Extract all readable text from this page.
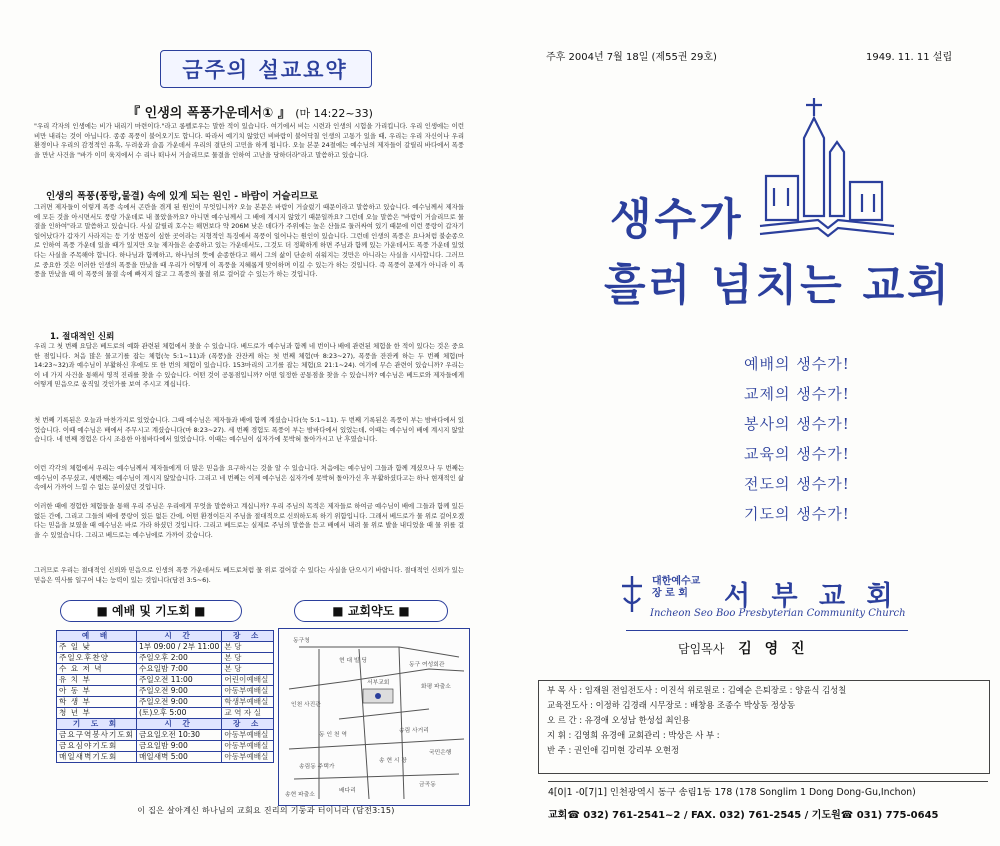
금주의 설교요약
『 인생의 폭풍가운데서① 』 (마 14:22~33)
"우리 각자의 인생에는 비가 내리기 마련이다."라고 롱펠로우는 말한 적이 있습니다. 여기에서 비는 시련과 인생의 시험을 가리킵니다. 우리 인생에는 이런 비만 내리는 것이 아닙니다. 종종 폭풍이 불어오기도 합니다. 따라서 예기치 않았던 비바람이 불어닥칠 인생의 고통가 있을 때, 우리는 우리 자신이나 우리 환경이나 우리의 감정적인 유혹, 두려움과 슬픔 가운데서 우리의 결단의 고민을 하게 됩니다. 오늘 본문 24절에는 예수님의 제자들이 갈릴리 바다에서 폭풍을 만난 사건을 "바가 이미 육지에서 수 리나 떠나서 거슬리므로 물결을 인하여 고난을 당하더라"라고 말씀하고 있습니다.
인생의 폭풍(풍랑,물결) 속에 있게 되는 원인 - 바람이 거슬리므로
그러면 제자들이 이렇게 폭풍 속에서 곤란을 겪게 된 원인이 무엇입니까? 오늘 본문은 바람이 거슬렀기 때문이라고 말씀하고 있습니다. 예수님께서 제자들에 모든 것을 아시면서도 풍랑 가운데로 내 몰았을까요? 아니면 예수님께서 그 배에 계시지 않았기 때문일까요? 그런데 오늘 말씀은 "바람이 거슬리므로 물결을 인하여"라고 말씀하고 있습니다. 사실 갈릴리 호수는 해면보다 약 206M 낮은 데다가 주위에는 높은 산들로 둘러싸여 있기 때문에 이런 풍랑이 갑자기 일어났다가 갑자기 사라지는 등 기상 변동이 심한 곳이라는 지형적인 특징에서 폭풍이 일어나는 원인이 있습니다. 그런데 인생의 폭풍은 요나처럼 불순종으로 인하여 폭풍 가운데 있을 때가 있지만 오늘 제자들은 순종하고 있는 가운데서도, 그것도 더 정확하게 하면 주님과 함께 있는 가운데서도 폭풍 가운데 있었다는 사실을 주목해야 합니다. 하나님과 함께하고, 하나님의 뜻에 순종한다고 해서 그의 삶이 단순히 쉬워지는 것만은 아니라는 사실을 시사합니다. 그러므로 중요한 것은 이러한 인생의 폭풍을 만났을 때 우리가 어떻게 이 폭풍을 지혜롭게 맞이하며 이길 수 있는가 하는 것입니다. 즉 폭풍이 문제가 아니라 이 폭풍을 만났을 때 이 폭풍의 물결 속에 빠지지 않고 그 폭풍의 물결 위로 걸어갈 수 있는가 하는 것입니다.
1. 절대적인 신뢰
우리 그 첫 번째 요답은 베드로의 예화 관련된 체험에서 찾을 수 있습니다. 베드로가 예수님과 함께 네 번이나 배에 관련된 체험을 한 적이 있다는 것은 중요한 점입니다. 처음 많은 물고기를 잡는 체험(눅 5:1~11)과 (폭풍)을 잔잔케 하는 첫 번째 체험(마 8:23~27), 폭풍을 잔잔케 하는 두 번째 체험(마 14:23~32)과 예수님이 부활하신 후에도 또 한 번의 체험이 있습니다. 153마리의 고기를 잡는 체험(요 21:1~24). 여기에 무슨 관련이 있습니까? 우리는 이 네 가지 사건을 통해서 영적 진리를 찾을 수 있습니다. 어떤 것이 공통점입니까? 어떤 일정한 공통점을 찾을 수 있습니까? 예수님은 베드로와 제자들에게 어떻게 믿음으로 움직일 것인가를 보여 주시고 계십니다.
첫 번째 기록된은 오늘과 마찬가지로 있었습니다. 그때 예수님은 제자들과 배에 함께 계셨습니다(눅 5:1~11). 두 번째 기록된은 폭풍이 부는 밤바다에서 있었습니다. 이때 예수님은 배에서 주무시고 계셨습니다(마 8:23~27). 세 번째 경험도 폭풍이 부는 밤바다에서 있었는데, 이때는 예수님이 배에 계시지 않았습니다. 네 번째 경험은 다시 조용한 아침바다에서 있었습니다. 이때는 예수님이 십자가에 못박혀 돌아가시고 난 후였습니다.
이런 각각의 체험에서 우리는 예수님께서 제자들에게 더 많은 믿음을 요구하시는 것을 알 수 있습니다. 처음에는 예수님이 그들과 함께 계셨으나 두 번째는 예수님이 주무셨고, 세번째는 예수님이 계시지 않았습니다. 그리고 네 번째는 이제 예수님은 십자가에 못박혀 돌아가신 후 부활하셨다고는 하나 현재적인 삶 속에서 가까이 느낄 수 없는 분이셨던 것입니다.
이러한 때에 경험한 체험들을 통해 우리 주님은 우리에게 무엇을 말씀하고 계십니까? 우리 주님의 목적은 제자들로 하여금 예수님이 배에 그들과 함께 있든 없든 간에, 그리고 그들의 배에 풍랑이 있든 없든 간에, 어떤 환경이든지 주님을 절대적으로 신뢰하도록 하기 위함입니다. 그래서 베드로가 물 위로 걸어오겠다는 믿음을 보였을 때 예수님은 바로 가라 하셨던 것입니다. 그리고 베드로는 실제로 주님의 말씀을 듣고 배에서 내려 물 위로 발을 내디었을 때 물 위를 걸을 수 있었습니다. 그리고 베드로는 예수님에로 가까이 갔습니다.
그러므로 우리는 절대적인 신뢰와 믿음으로 인생의 폭풍 가운데서도 베드로처럼 물 위로 걸어갈 수 있다는 사실을 단으시기 바랍니다. 절대적인 신뢰가 있는 믿음은 역사를 일구어 내는 능력이 있는 것입니다(담전 3:5~6).
■ 예배 및 기도회 ■	■ 교회약도 ■
예 배	시 간	장 소
주 일 낮	1부 09:00 / 2부 11:00	본 당
주일오후찬양	주일오후 2:00	본 당
수 요 저 녁	수요일밤 7:00	본 당
유 치 부	주일오전 11:00	어린이예배실
아 동 부	주일오전 9:00	아동부예배실
학 생 부	주일오전 9:00	학생부예배실
청 년 부	(토)오후 5:00	교 역 자 실
기 도 회	시 간	장 소
금요구역봉사기도회	금요일오전 10:30	아동부예배실
금요심야기도회	금요일밤 9:00	아동부예배실
매일새벽기도회	매일새벽 5:00	아동부예배실
동구청
현 대 빌 딩
동구 여성회관
서부교회
화평 파출소
인천 사진관
동 인 천 역
송림 사거리
송림동 주택가
송 현 시 장
국민은행
배다리
금곡동
송현 파출소
이 집은 살아계신 하나님의 교회요 진리의 기둥과 터이니라 (담전3:15)
주후 2004년 7월 18일 (제55권 29호)	1949. 11. 11 설립
생수가
흘러 넘치는 교회
예배의 생수가!
교제의 생수가!
봉사의 생수가!
교육의 생수가!
전도의 생수가!
기도의 생수가!
대한예수교
장 로 회	서 부 교 회
Incheon Seo Boo Presbyterian Community Church
담임목사 김 영 진
부 목 사 : 임재원 전임전도사 : 이진석 위로원로 : 김예순 은퇴장로 : 양윤식 김성칠
교육전도사 : 이정하 김경래 시무장로 : 배창용 조종수 박상동 정상동
오 르 간 : 유경애 오성남 한성섭 최인용
지 휘 : 김영희 유경애 교회관리 : 박상은 사 부 :
반 주 : 권인애 김미현 강리부 오현정
4[0|1 -0[7|1] 인천광역시 동구 송림1동 178 (178 Songlim 1 Dong Dong-Gu,Inchon)
교회☎ 032) 761-2541~2 / FAX. 032) 761-2545 / 기도원☎ 031) 775-0645
